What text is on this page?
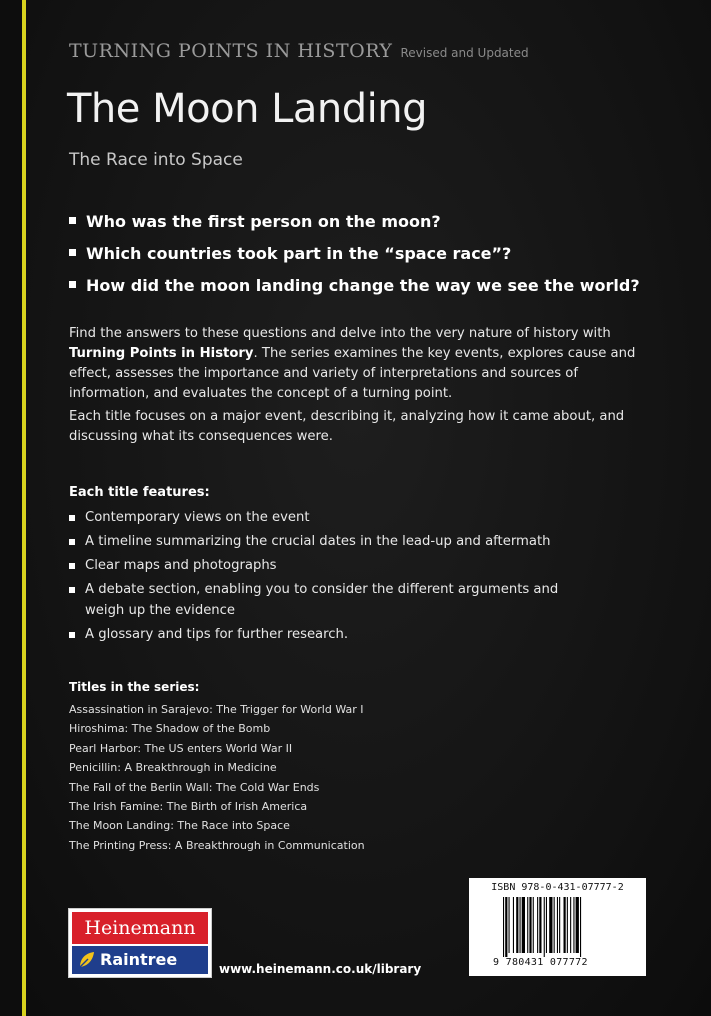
TURNING POINTS IN HISTORY Revised and Updated
The Moon Landing
The Race into Space
Who was the first person on the moon?
Which countries took part in the “space race”?
How did the moon landing change the way we see the world?

Find the answers to these questions and delve into the very nature of history with Turning Points in History. The series examines the key events, explores cause and effect, assesses the importance and variety of interpretations and sources of information, and evaluates the concept of a turning point.

Each title focuses on a major event, describing it, analyzing how it came about, and discussing what its consequences were.

Each title features:
Contemporary views on the event
A timeline summarizing the crucial dates in the lead-up and aftermath
Clear maps and photographs
A debate section, enabling you to consider the different arguments and weigh up the evidence
A glossary and tips for further research.
Titles in the series:
Assassination in Sarajevo: The Trigger for World War I
Hiroshima: The Shadow of the Bomb
Pearl Harbor: The US enters World War II
Penicillin: A Breakthrough in Medicine
The Fall of the Berlin Wall: The Cold War Ends
The Irish Famine: The Birth of Irish America
The Moon Landing: The Race into Space
The Printing Press: A Breakthrough in Communication
Heinemann
Raintree	www.heinemann.co.uk/library
ISBN 978-0-431-07777-2
9 780431 077772
